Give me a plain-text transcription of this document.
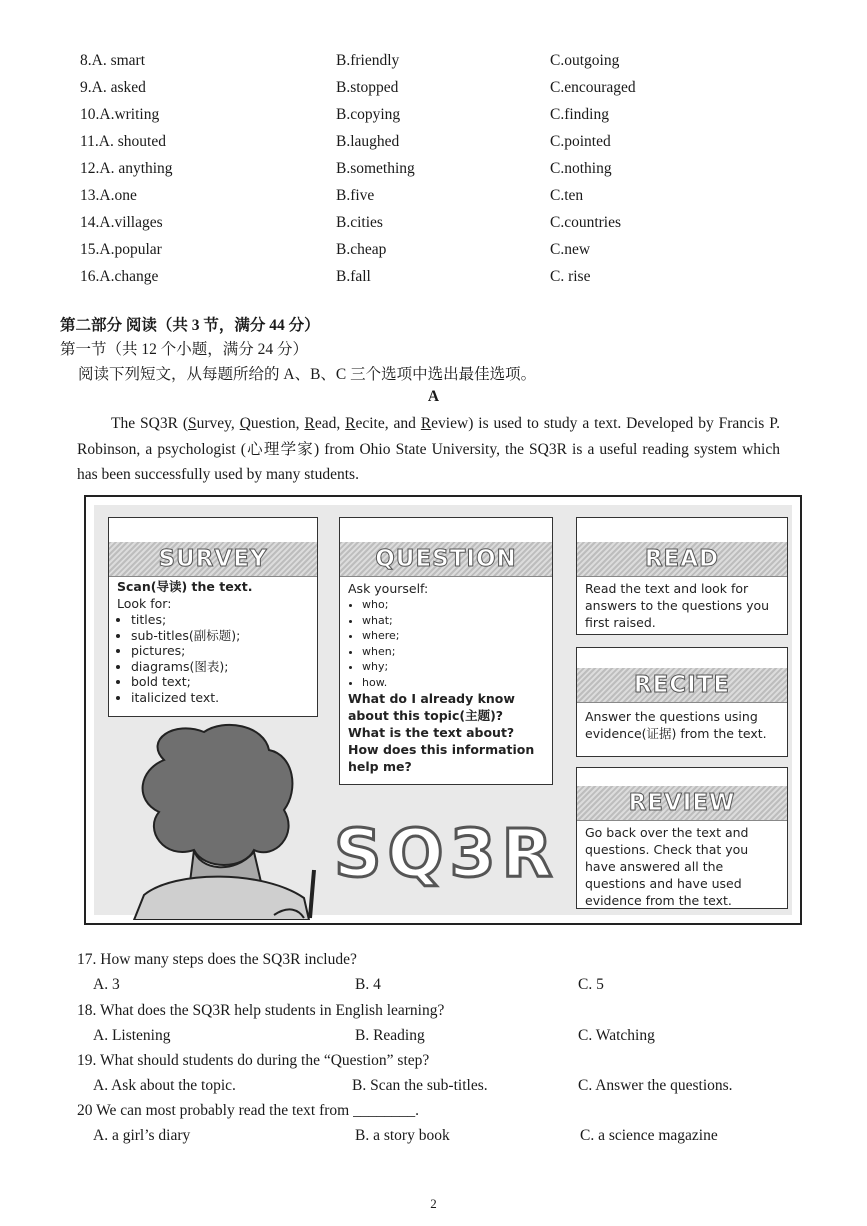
8.A. smart	B.friendly	C.outgoing
9.A. asked	B.stopped	C.encouraged
10.A.writing	B.copying	C.finding
11.A. shouted	B.laughed	C.pointed
12.A. anything	B.something	C.nothing
13.A.one	B.five	C.ten
14.A.villages	B.cities	C.countries
15.A.popular	B.cheap	C.new
16.A.change	B.fall	C. rise
第二部分 阅读（共 3 节，满分 44 分）
第一节（共 12 个小题，满分 24 分）
阅读下列短文，从每题所给的 A、B、C 三个选项中选出最佳选项。
A
The SQ3R (Survey, Question, Read, Recite, and Review) is used to study a text. Developed by Francis P. Robinson, a psychologist (心理学家) from Ohio State University, the SQ3R is a useful reading system which has been successfully used by many students.
SURVEY
Scan(导读) the text.
Look for:
• titles;
• sub-titles(副标题);
• pictures;
• diagrams(图表);
• bold text;
• italicized text.
QUESTION
Ask yourself:
• who;
• what;
• where;
• when;
• why;
• how.
What do I already know about this topic(主题)?
What is the text about?
How does this information help me?
READ
Read the text and look for answers to the questions you first raised.
RECITE
Answer the questions using evidence(证据) from the text.
REVIEW
Go back over the text and questions. Check that you have answered all the questions and have used evidence from the text.
SQ3R
17. How many steps does the SQ3R include?
A. 3	B. 4	C. 5
18. What does the SQ3R help students in English learning?
A. Listening	B. Reading	C. Watching
19. What should students do during the “Question” step?
A. Ask about the topic.	B. Scan the sub-titles.	C. Answer the questions.
20 We can most probably read the text from ________.
A. a girl’s diary	B. a story book	C. a science magazine
2
